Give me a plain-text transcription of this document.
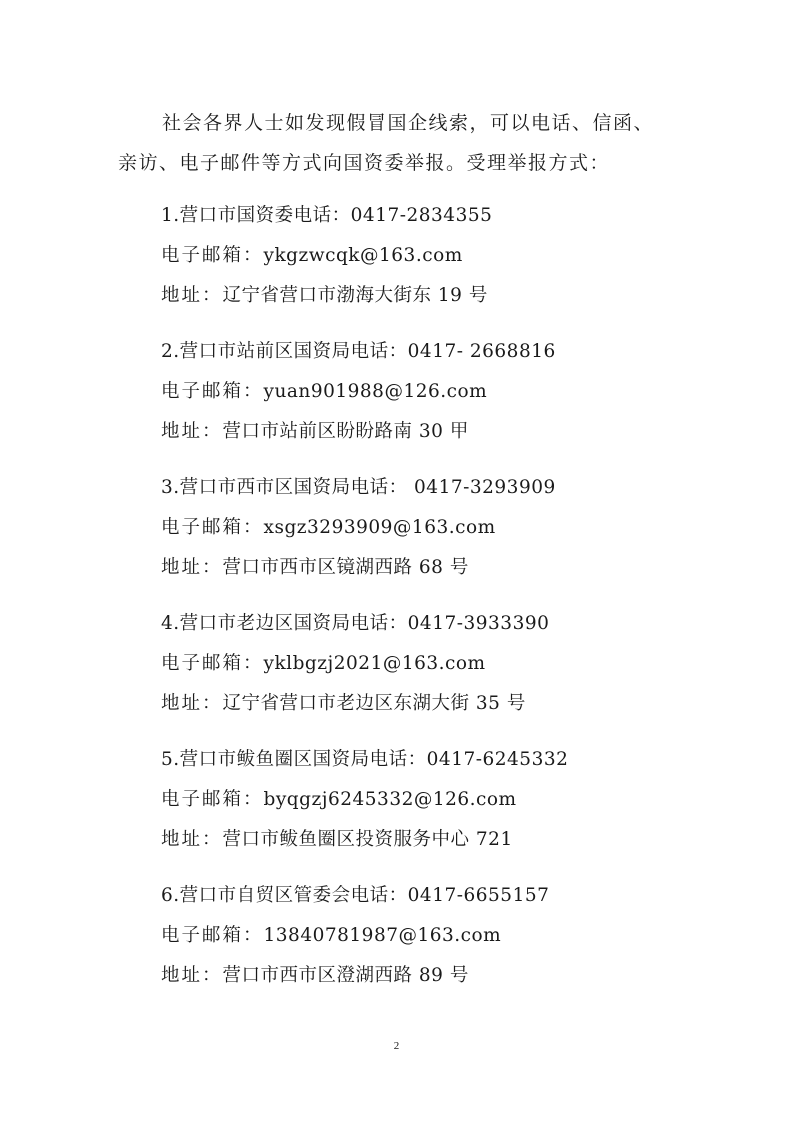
社会各界人士如发现假冒国企线索，可以电话、信函、
亲访、电子邮件等方式向国资委举报。受理举报方式：
1.营口市国资委电话：0417-2834355
电子邮箱：ykgzwcqk@163.com
地址：辽宁省营口市渤海大街东 19 号
2.营口市站前区国资局电话：0417- 2668816
电子邮箱：yuan901988@126.com
地址：营口市站前区盼盼路南 30 甲
3.营口市西市区国资局电话： 0417-3293909
电子邮箱：xsgz3293909@163.com
地址：营口市西市区镜湖西路 68 号
4.营口市老边区国资局电话：0417-3933390
电子邮箱：yklbgzj2021@163.com
地址：辽宁省营口市老边区东湖大街 35 号
5.营口市鲅鱼圈区国资局电话：0417-6245332
电子邮箱：byqgzj6245332@126.com
地址：营口市鲅鱼圈区投资服务中心 721
6.营口市自贸区管委会电话：0417-6655157
电子邮箱：13840781987@163.com
地址：营口市西市区澄湖西路 89 号
2
